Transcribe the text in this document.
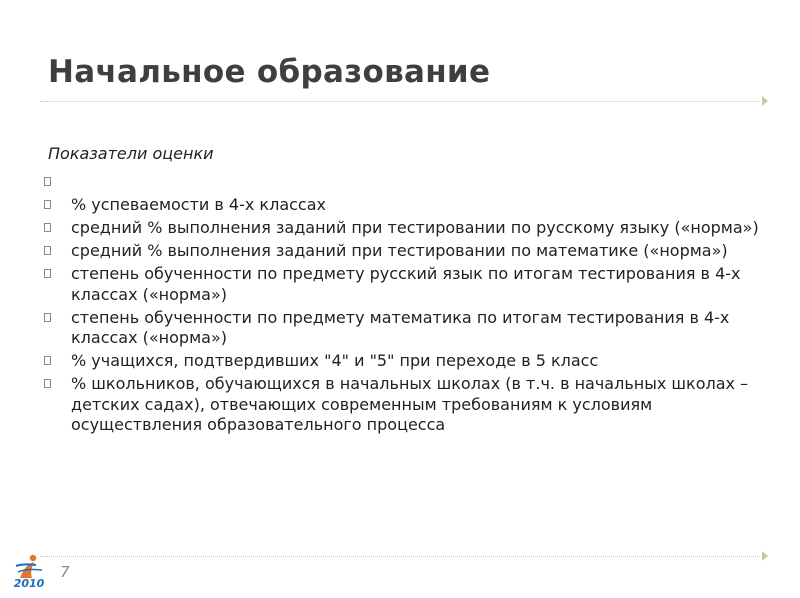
Начальное образование
Показатели оценки
% успеваемости в 4-х классах
средний % выполнения заданий при тестировании по русскому языку («норма»)
средний % выполнения заданий при тестировании по математике («норма»)
степень обученности по предмету русский язык по итогам тестирования в 4-х классах («норма»)
степень обученности по предмету математика по итогам тестирования в 4-х классах («норма»)
% учащихся, подтвердивших "4" и "5" при переходе в 5 класс
% школьников, обучающихся в начальных школах (в т.ч. в начальных школах – детских садах), отвечающих современным требованиям к условиям осуществления образовательного процесса
2010
7
